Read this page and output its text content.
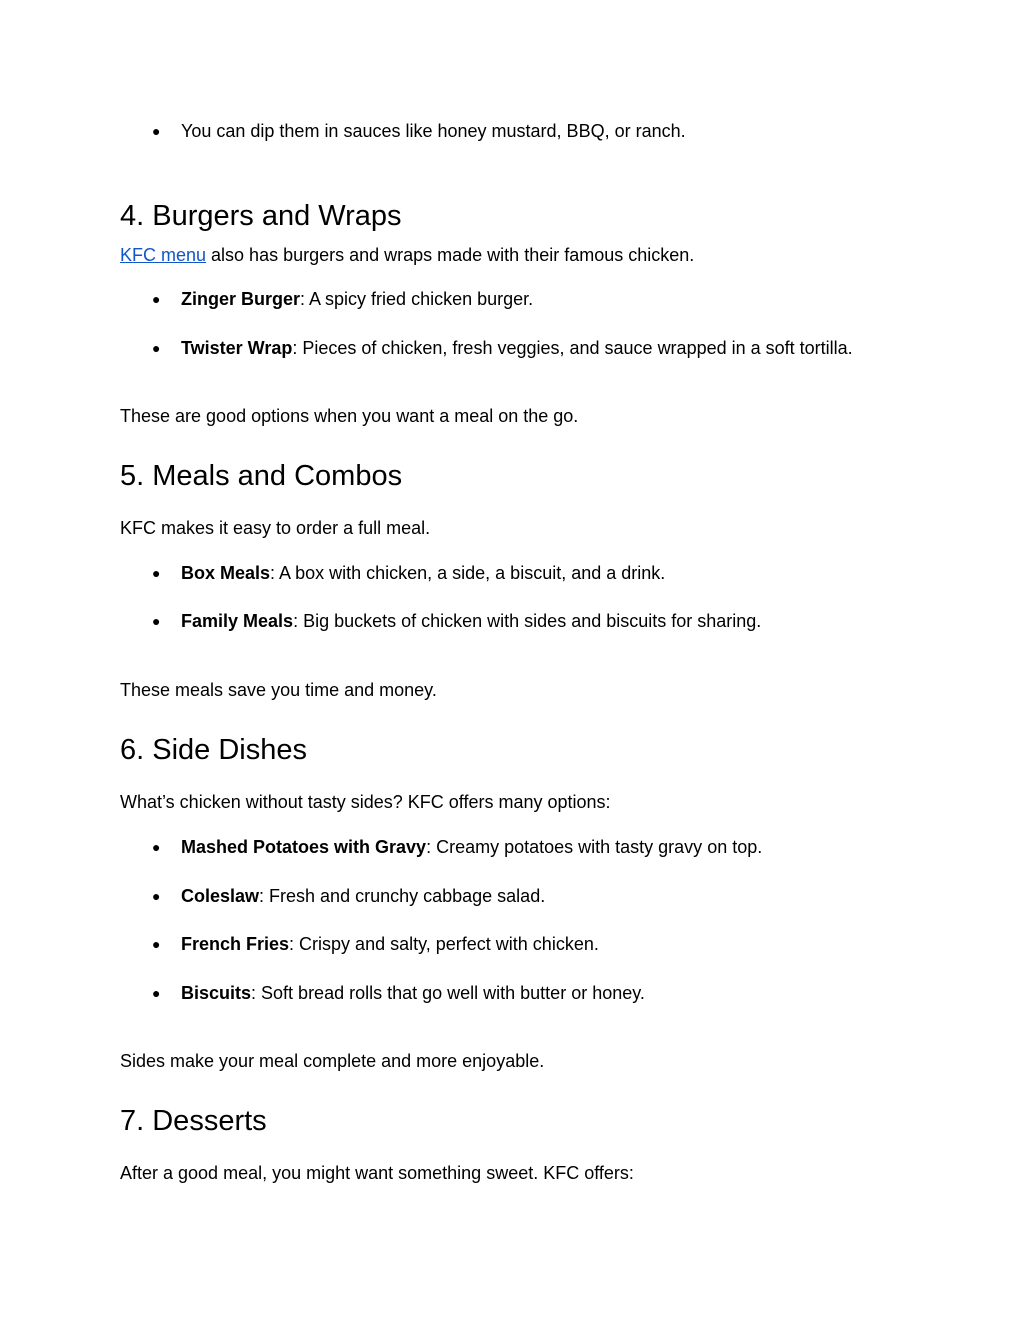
● You can dip them in sauces like honey mustard, BBQ, or ranch.
4. Burgers and Wraps
KFC menu also has burgers and wraps made with their famous chicken.
● Zinger Burger: A spicy fried chicken burger.
● Twister Wrap: Pieces of chicken, fresh veggies, and sauce wrapped in a soft tortilla.
These are good options when you want a meal on the go.
5. Meals and Combos
KFC makes it easy to order a full meal.
● Box Meals: A box with chicken, a side, a biscuit, and a drink.
● Family Meals: Big buckets of chicken with sides and biscuits for sharing.
These meals save you time and money.
6. Side Dishes
What’s chicken without tasty sides? KFC offers many options:
● Mashed Potatoes with Gravy: Creamy potatoes with tasty gravy on top.
● Coleslaw: Fresh and crunchy cabbage salad.
● French Fries: Crispy and salty, perfect with chicken.
● Biscuits: Soft bread rolls that go well with butter or honey.
Sides make your meal complete and more enjoyable.
7. Desserts
After a good meal, you might want something sweet. KFC offers:
